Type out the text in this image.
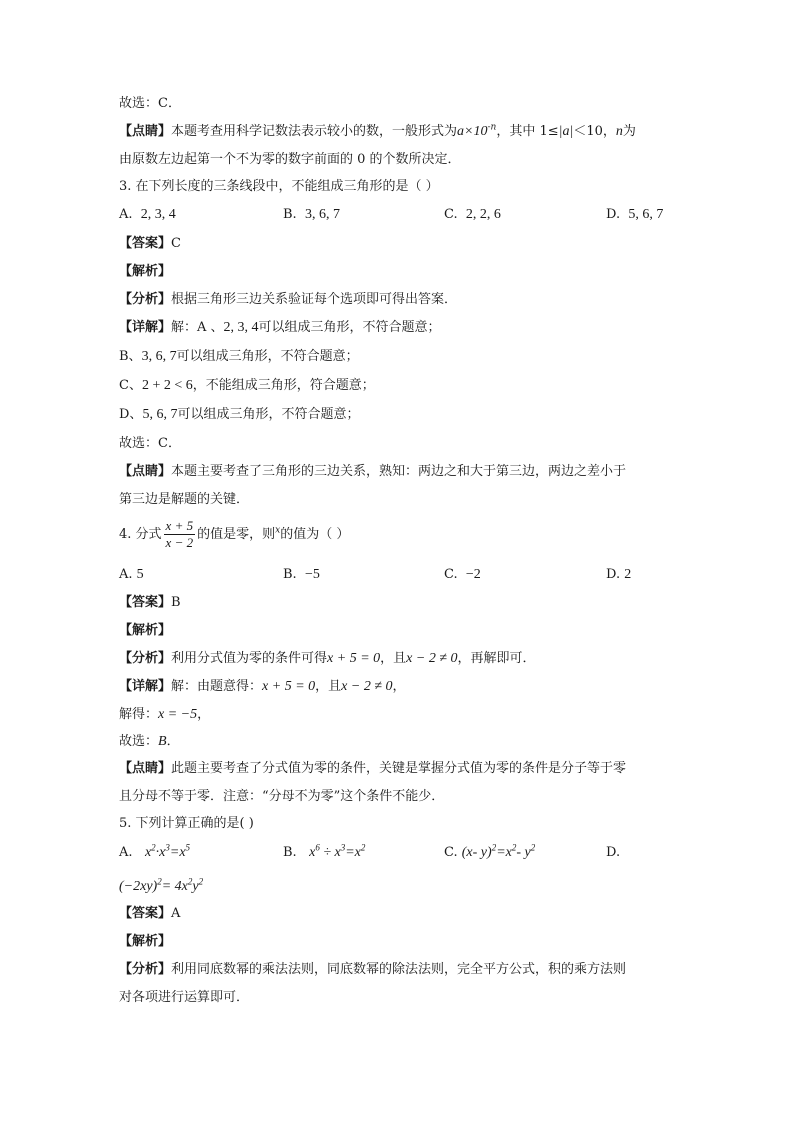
故选：C．
【点睛】本题考查用科学记数法表示较小的数，一般形式为$a\times 10^{-n}$，其中 1≤|a|＜10，n为
由原数左边起第一个不为零的数字前面的 0 的个数所决定．
3. 在下列长度的三条线段中，不能组成三角形的是（ ）
A. 2, 3, 4	B. 3, 6, 7	C. 2, 2, 6	D. 5, 6, 7
【答案】C
【解析】
【分析】根据三角形三边关系验证每个选项即可得出答案．
【详解】解：A 、2, 3, 4可以组成三角形，不符合题意；
B、3, 6, 7可以组成三角形，不符合题意；
C、2 + 2 < 6，不能组成三角形，符合题意；
D、5, 6, 7可以组成三角形，不符合题意；
故选：C．
【点睛】本题主要考查了三角形的三边关系，熟知：两边之和大于第三边，两边之差小于
第三边是解题的关键．
4. 分式 $\frac{x + 5}{x - 2}$ 的值是零，则$^x$的值为（ ）
A. 5	B. −5	C. −2	D. 2
【答案】B
【解析】
【分析】利用分式值为零的条件可得x + 5 = 0，且x − 2 ≠ 0，再解即可．
【详解】解：由题意得：x + 5 = 0，且x − 2 ≠ 0，
解得：x = −5，
故选：B．
【点睛】此题主要考查了分式值为零的条件，关键是掌握分式值为零的条件是分子等于零
且分母不等于零．注意：“分母不为零”这个条件不能少．
5. 下列计算正确的是( )
A. $x^2\cdot x^3=x^5$	B. $x^6 \div x^3=x^2$	C. (x- $y)^2=x^2-$ $y^2$	D.
$(-2xy)^2= 4x^2y^2$
【答案】A
【解析】
【分析】利用同底数幂的乘法法则，同底数幂的除法法则，完全平方公式，积的乘方法则
对各项进行运算即可．
